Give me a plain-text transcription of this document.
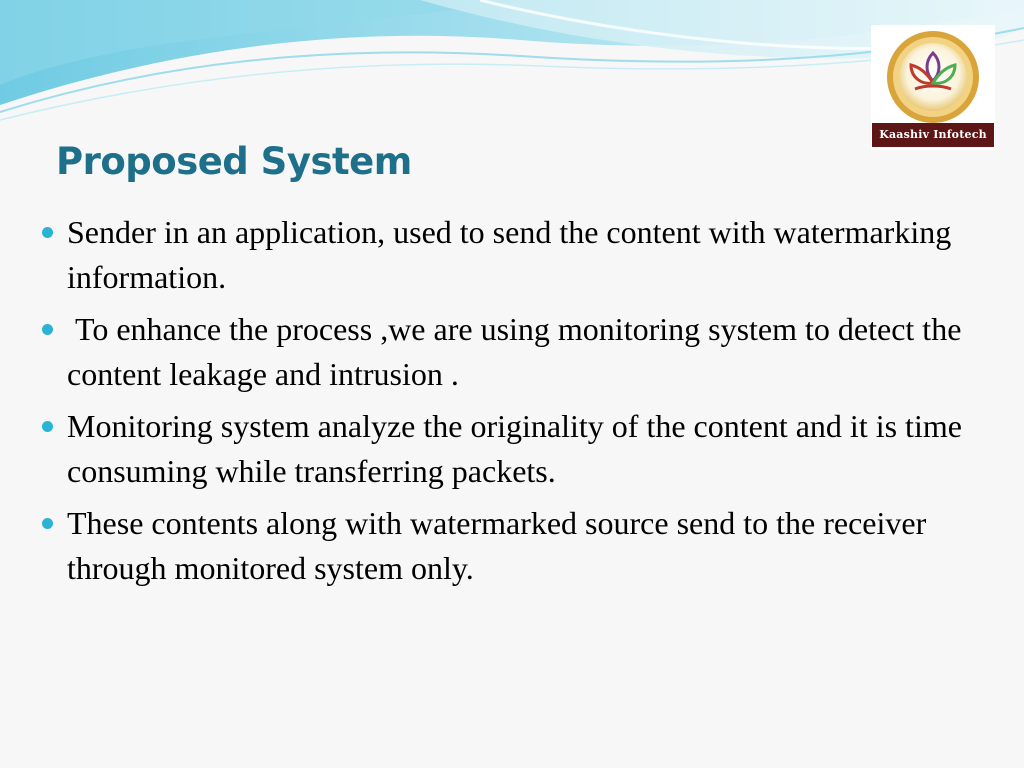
Kaashiv Infotech
Proposed System
Sender in an application, used to send the content with watermarking information.
To enhance the process ,we are using monitoring system to detect the content leakage and intrusion .
Monitoring system analyze the originality of the content and it is time consuming while transferring packets.
These contents along with watermarked source send to the receiver through monitored system only.
